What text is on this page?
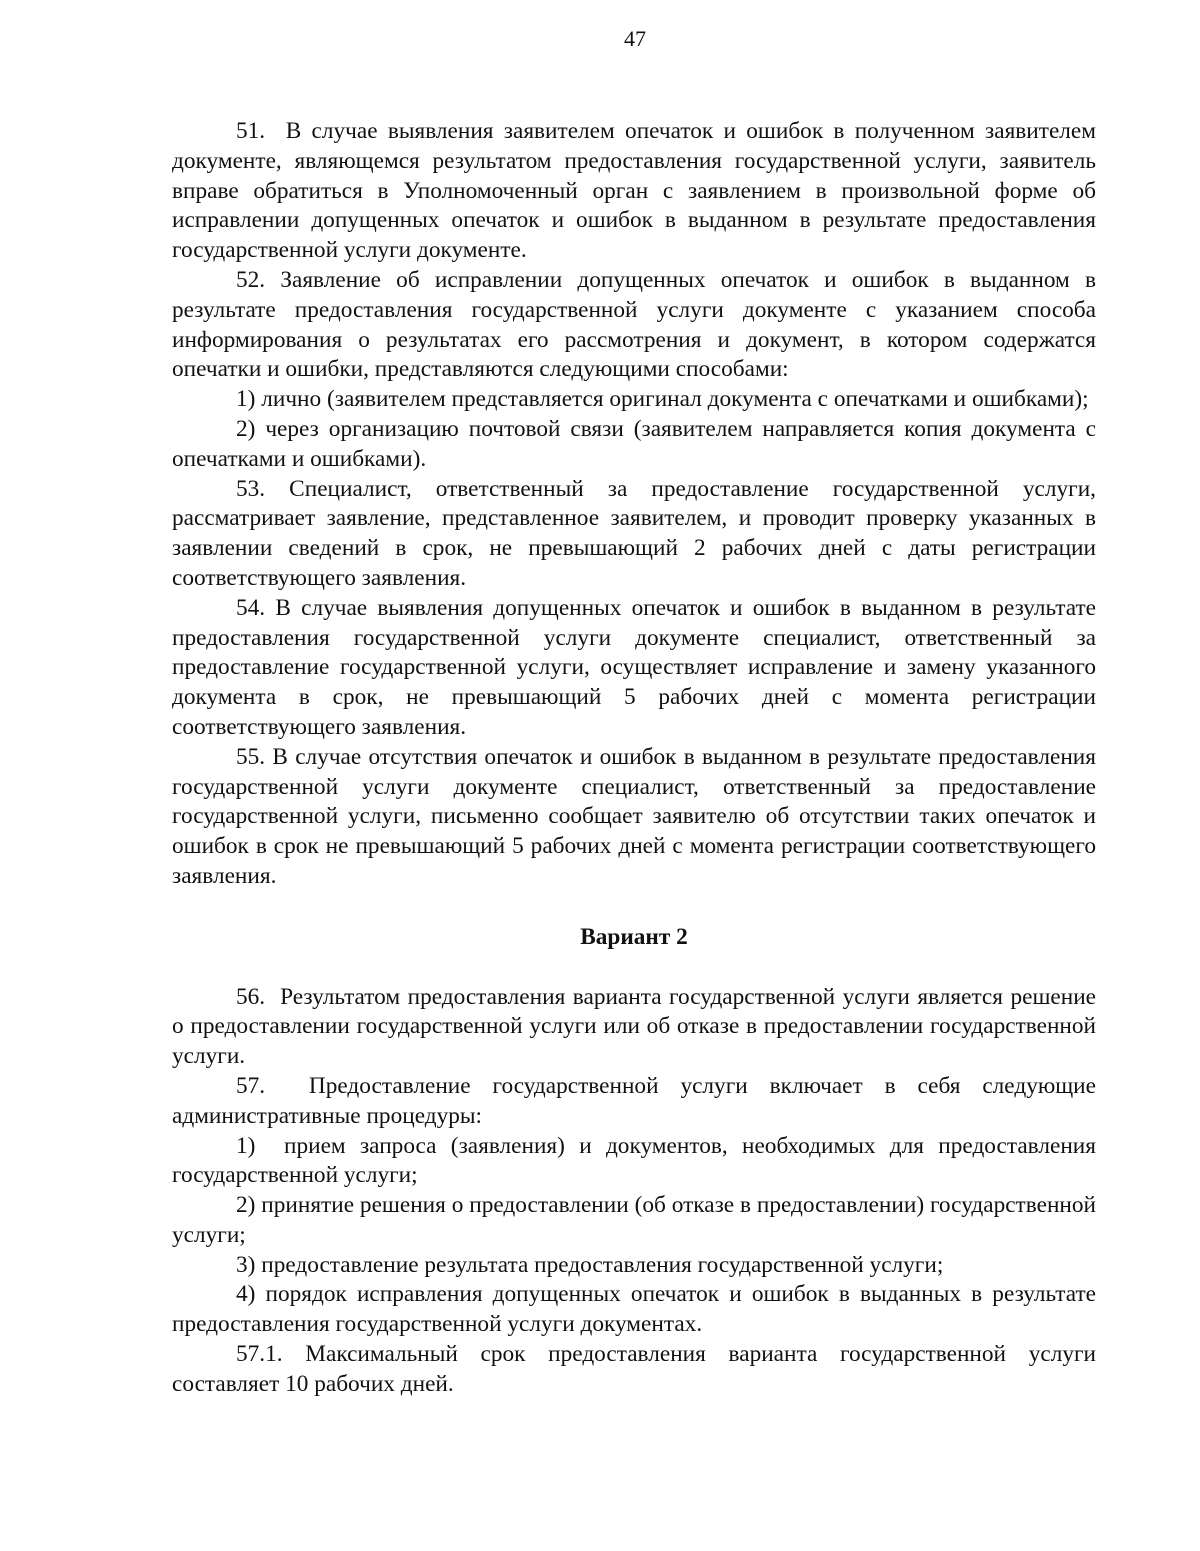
47

51.  В случае выявления заявителем опечаток и ошибок в полученном заявителем документе, являющемся результатом предоставления государственной услуги, заявитель вправе обратиться в Уполномоченный орган с заявлением в произвольной форме об исправлении допущенных опечаток и ошибок в выданном в результате предоставления государственной услуги документе.

52. Заявление об исправлении допущенных опечаток и ошибок в выданном в результате предоставления государственной услуги документе с указанием способа информирования о результатах его рассмотрения и документ, в котором содержатся опечатки и ошибки, представляются следующими способами:

1) лично (заявителем представляется оригинал документа с опечатками и ошибками);

2) через организацию почтовой связи (заявителем направляется копия документа с опечатками и ошибками).

53. Специалист, ответственный за предоставление государственной услуги, рассматривает заявление, представленное заявителем, и проводит проверку указанных в заявлении сведений в срок, не превышающий 2 рабочих дней с даты регистрации соответствующего заявления.

54. В случае выявления допущенных опечаток и ошибок в выданном в результате предоставления государственной услуги документе специалист, ответственный за предоставление государственной услуги, осуществляет исправление и замену указанного документа в срок, не превышающий 5 рабочих дней с момента регистрации соответствующего заявления.

55. В случае отсутствия опечаток и ошибок в выданном в результате предоставления государственной услуги документе специалист, ответственный за предоставление государственной услуги, письменно сообщает заявителю об отсутствии таких опечаток и ошибок в срок не превышающий 5 рабочих дней с момента регистрации соответствующего заявления.

Вариант 2

56.  Результатом предоставления варианта государственной услуги является решение о предоставлении государственной услуги или об отказе в предоставлении государственной услуги.

57.  Предоставление государственной услуги включает в себя следующие административные процедуры:

1)  прием запроса (заявления) и документов, необходимых для предоставления государственной услуги;

2) принятие решения о предоставлении (об отказе в предоставлении) государственной услуги;

3) предоставление результата предоставления государственной услуги;

4) порядок исправления допущенных опечаток и ошибок в выданных в результате предоставления государственной услуги документах.

57.1. Максимальный срок предоставления варианта государственной услуги составляет 10 рабочих дней.
